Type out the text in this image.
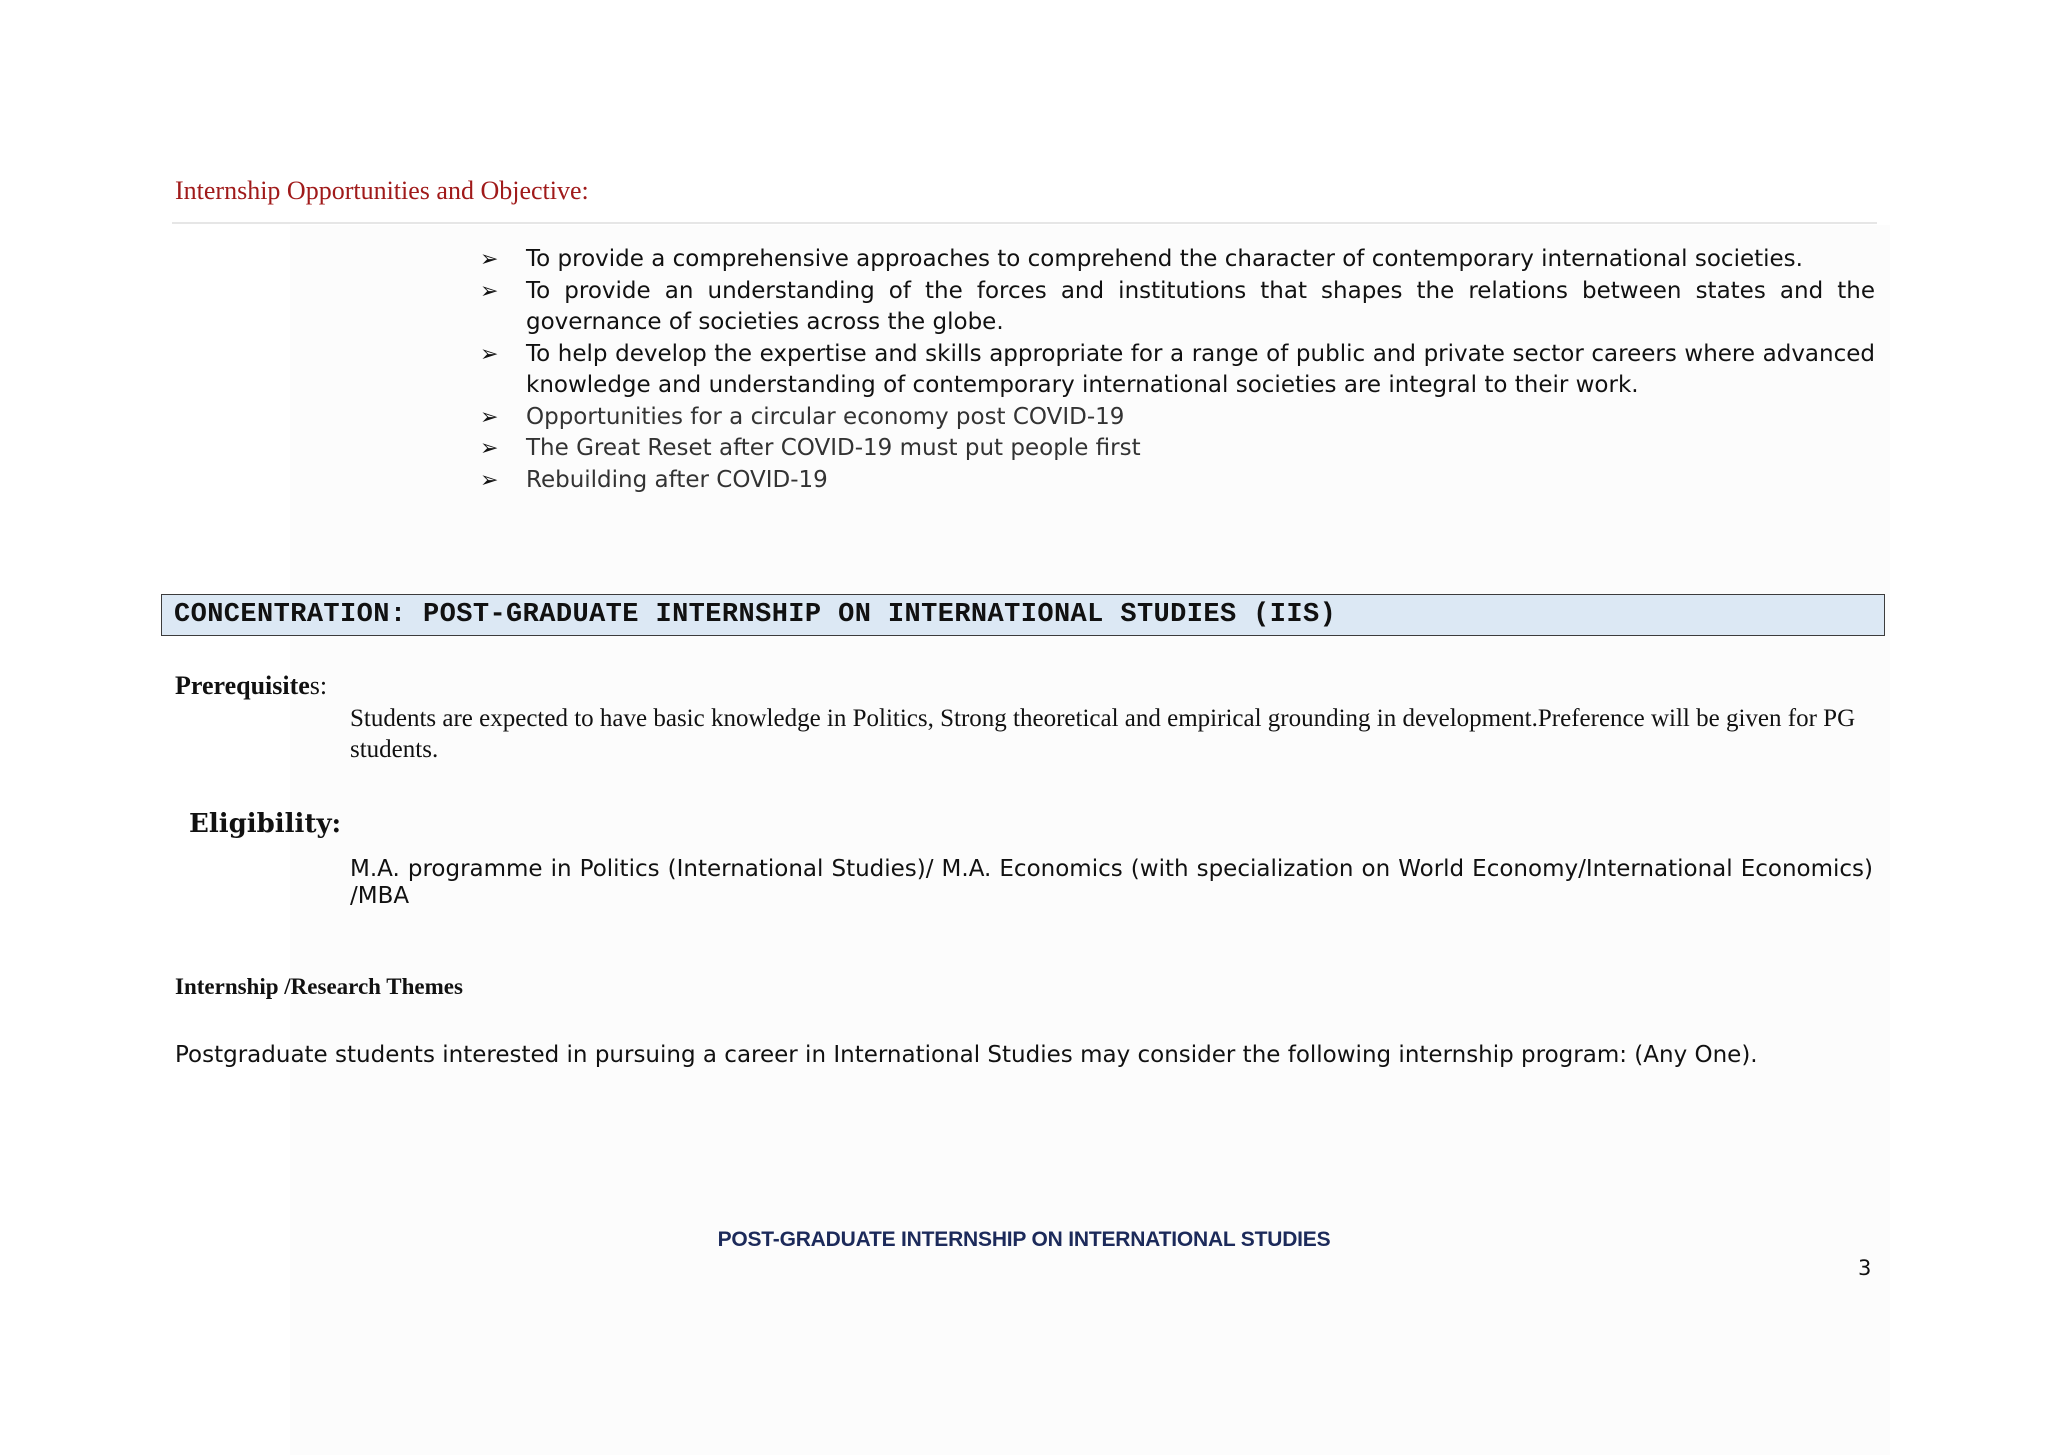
Internship Opportunities and Objective:
➢ To provide a comprehensive approaches to comprehend the character of contemporary international societies.
➢ To provide an understanding of the forces and institutions that shapes the relations between states and the governance of societies across the globe.
➢ To help develop the expertise and skills appropriate for a range of public and private sector careers where advanced knowledge and understanding of contemporary international societies are integral to their work.
➢ Opportunities for a circular economy post COVID-19
➢ The Great Reset after COVID-19 must put people first
➢ Rebuilding after COVID-19
CONCENTRATION: POST-GRADUATE INTERNSHIP ON INTERNATIONAL STUDIES (IIS)
Prerequisites:
Students are expected to have basic knowledge in Politics, Strong theoretical and empirical grounding in development.Preference will be given for PG students.
Eligibility:
M.A. programme in Politics (International Studies)/ M.A. Economics (with specialization on World Economy/International Economics) /MBA
Internship /Research Themes
Postgraduate students interested in pursuing a career in International Studies may consider the following internship program: (Any One).
POST-GRADUATE INTERNSHIP ON INTERNATIONAL STUDIES
3
